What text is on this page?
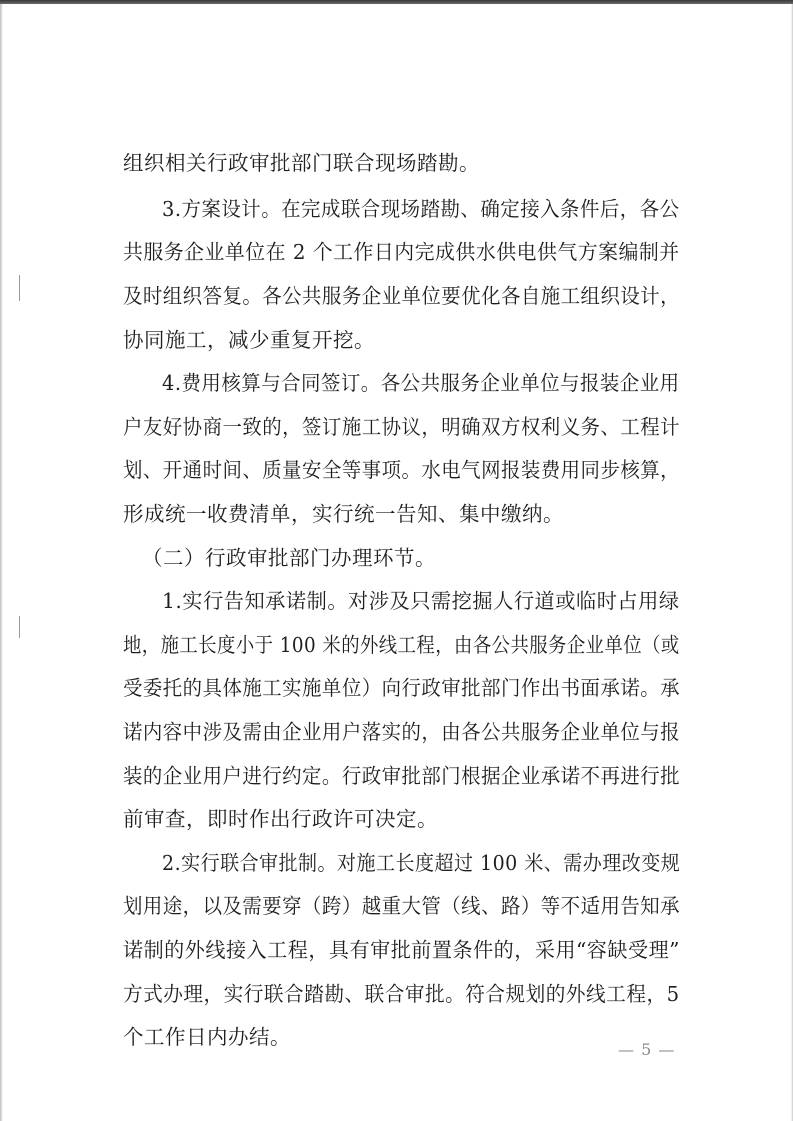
组织相关行政审批部门联合现场踏勘。
3.方案设计。在完成联合现场踏勘、确定接入条件后，各公
共服务企业单位在 2 个工作日内完成供水供电供气方案编制并
及时组织答复。各公共服务企业单位要优化各自施工组织设计，
协同施工，减少重复开挖。
4.费用核算与合同签订。各公共服务企业单位与报装企业用
户友好协商一致的，签订施工协议，明确双方权利义务、工程计
划、开通时间、质量安全等事项。水电气网报装费用同步核算，
形成统一收费清单，实行统一告知、集中缴纳。
（二）行政审批部门办理环节。
1.实行告知承诺制。对涉及只需挖掘人行道或临时占用绿
地，施工长度小于 100 米的外线工程，由各公共服务企业单位（或
受委托的具体施工实施单位）向行政审批部门作出书面承诺。承
诺内容中涉及需由企业用户落实的，由各公共服务企业单位与报
装的企业用户进行约定。行政审批部门根据企业承诺不再进行批
前审查，即时作出行政许可决定。
2.实行联合审批制。对施工长度超过 100 米、需办理改变规
划用途，以及需要穿（跨）越重大管（线、路）等不适用告知承
诺制的外线接入工程，具有审批前置条件的，采用“容缺受理”
方式办理，实行联合踏勘、联合审批。符合规划的外线工程，5
个工作日内办结。
— 5 —
